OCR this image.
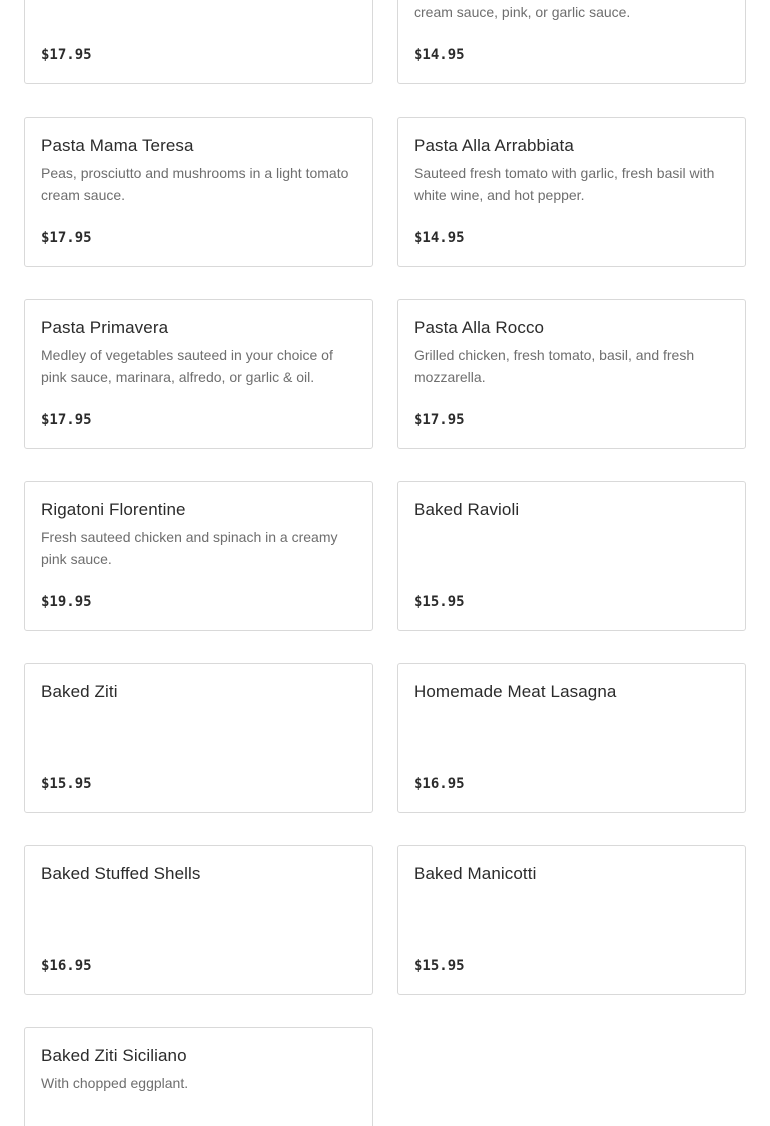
$17.95
cream sauce, pink, or garlic sauce.
$14.95
Pasta Mama Teresa
Peas, prosciutto and mushrooms in a light tomato cream sauce.
$17.95
Pasta Alla Arrabbiata
Sauteed fresh tomato with garlic, fresh basil with white wine, and hot pepper.
$14.95
Pasta Primavera
Medley of vegetables sauteed in your choice of pink sauce, marinara, alfredo, or garlic & oil.
$17.95
Pasta Alla Rocco
Grilled chicken, fresh tomato, basil, and fresh mozzarella.
$17.95
Rigatoni Florentine
Fresh sauteed chicken and spinach in a creamy pink sauce.
$19.95
Baked Ravioli
$15.95
Baked Ziti
$15.95
Homemade Meat Lasagna
$16.95
Baked Stuffed Shells
$16.95
Baked Manicotti
$15.95
Baked Ziti Siciliano
With chopped eggplant.
